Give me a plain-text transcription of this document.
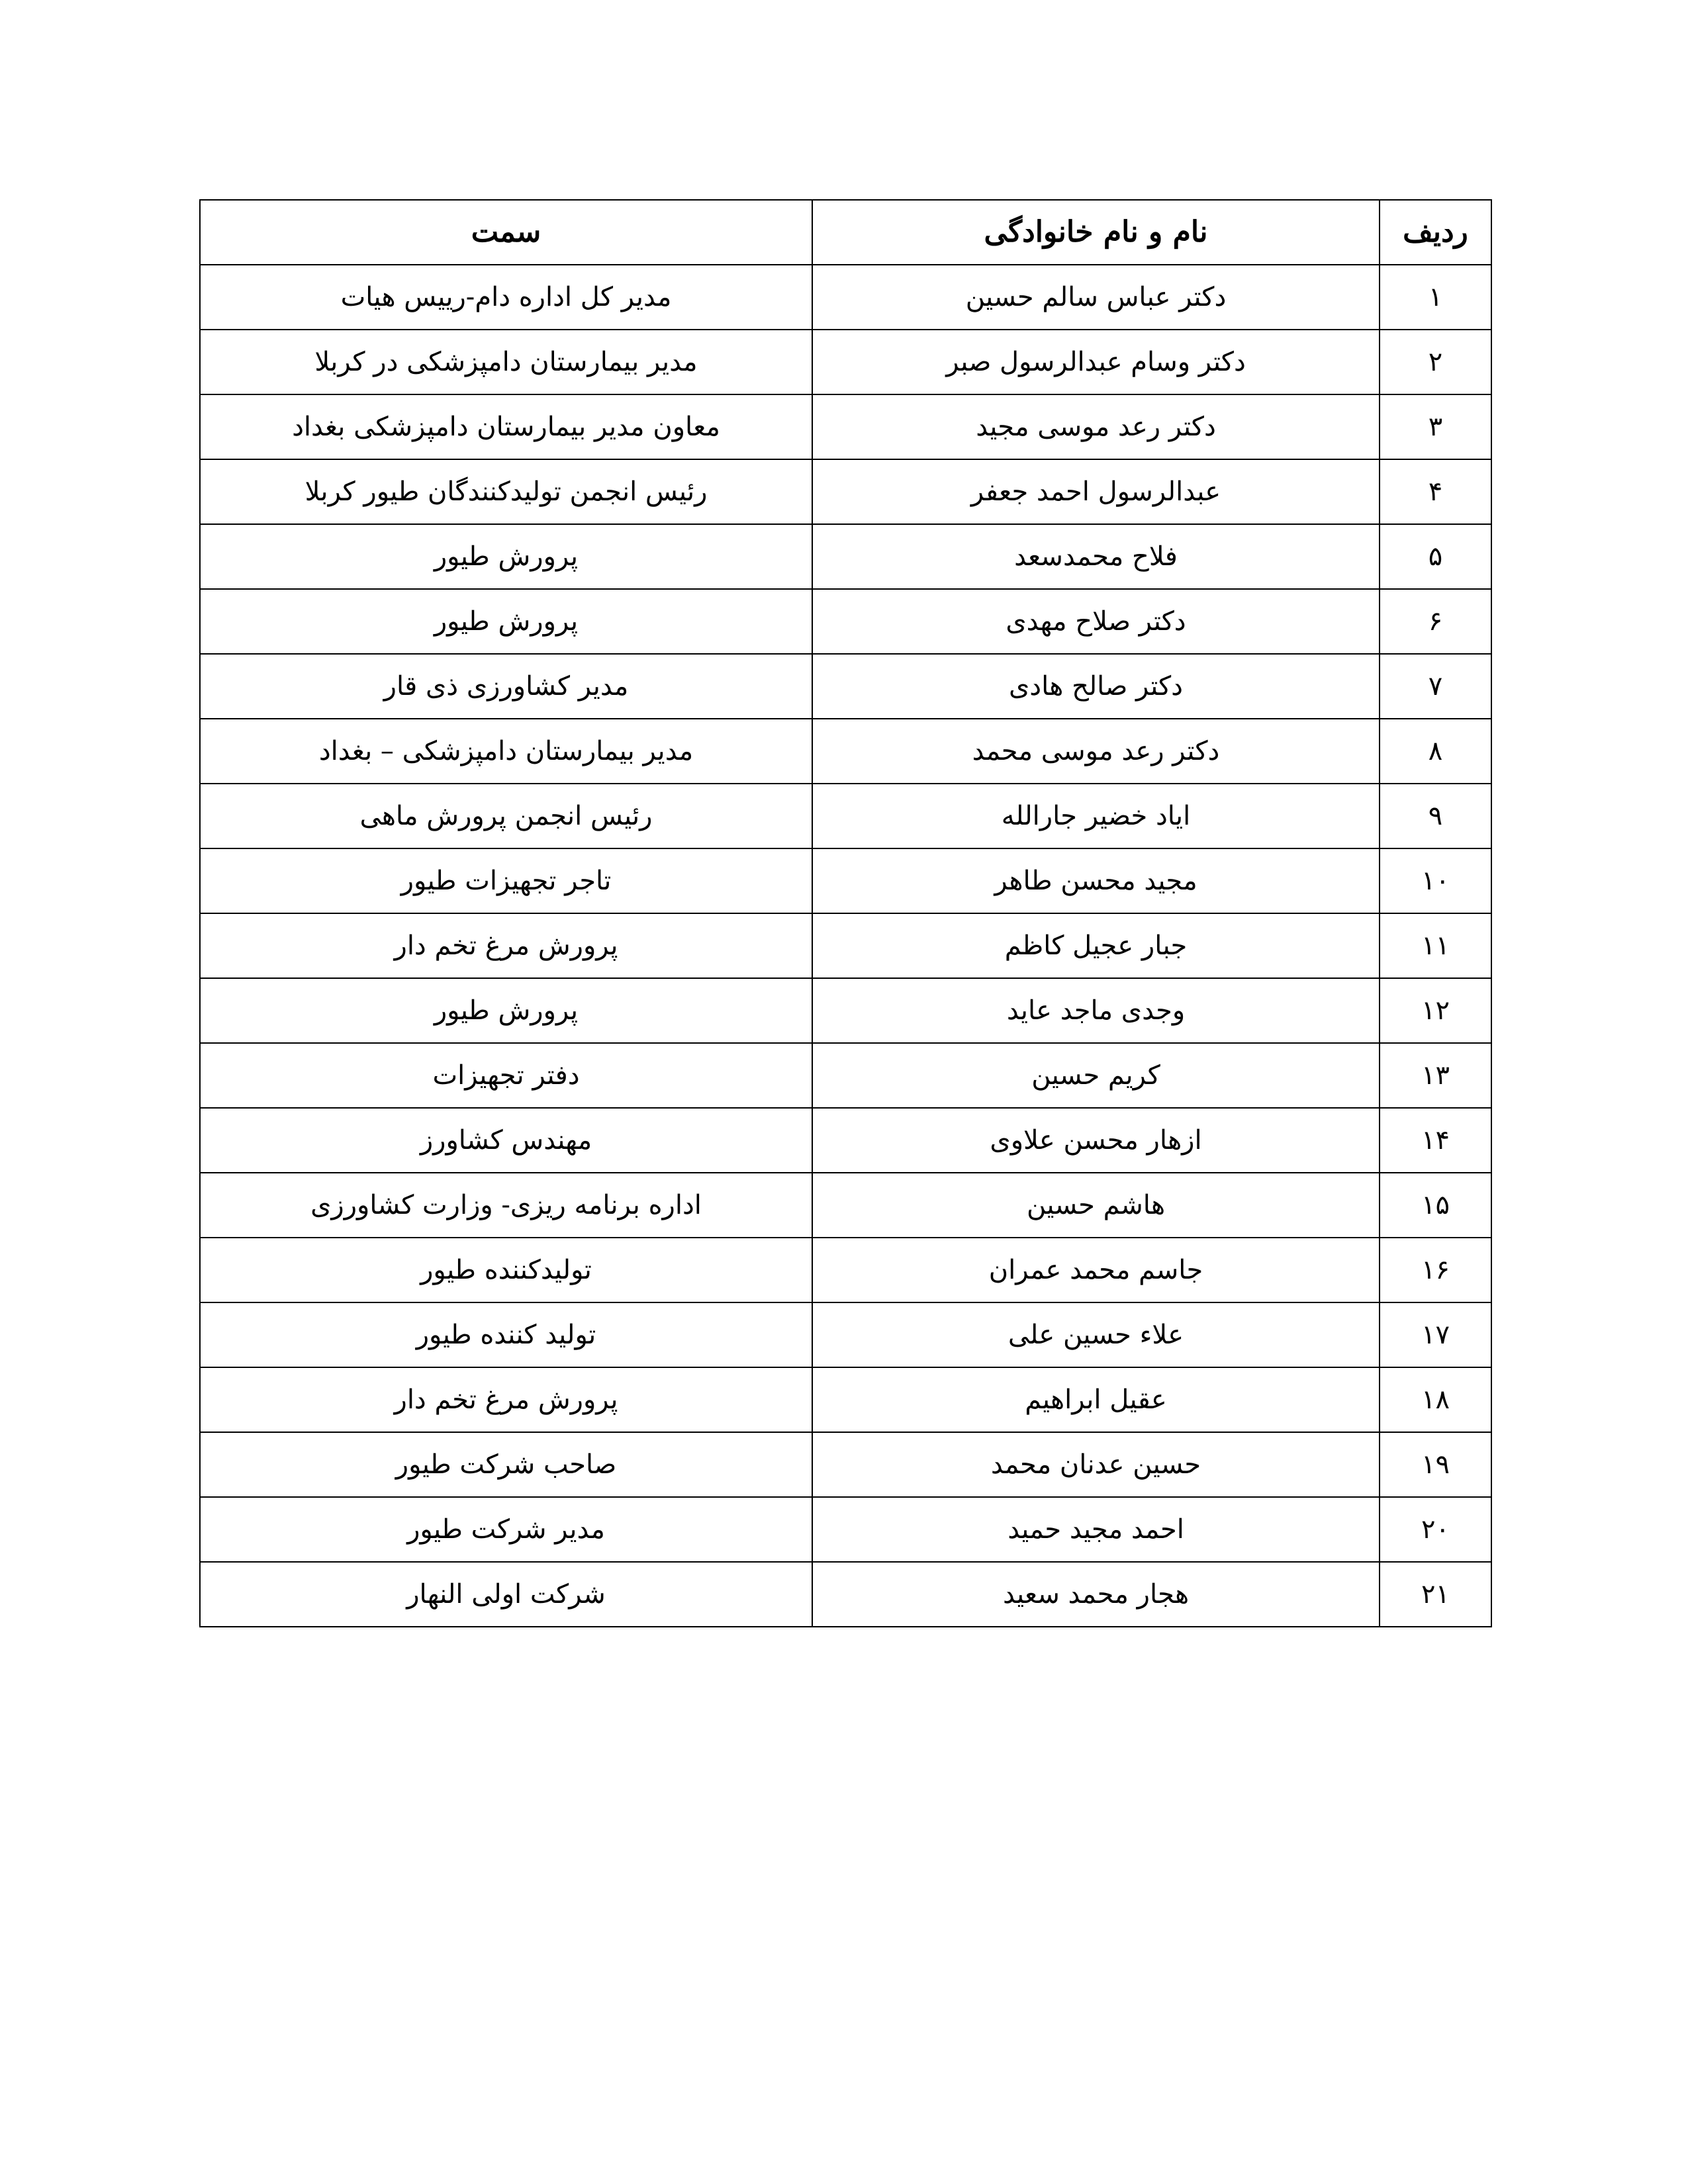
ردیف	نام و نام خانوادگی	سمت
۱	دکتر عباس سالم حسین	مدیر کل اداره دام-رییس هیات
۲	دکتر وسام عبدالرسول صبر	مدیر بیمارستان دامپزشکی در کربلا
۳	دکتر رعد موسی مجید	معاون مدیر بیمارستان دامپزشکی بغداد
۴	عبدالرسول احمد جعفر	رئیس انجمن تولیدکنندگان طیور کربلا
۵	فلاح محمدسعد	پرورش طیور
۶	دکتر صلاح مهدی	پرورش طیور
۷	دکتر صالح هادی	مدیر کشاورزی ذی قار
۸	دکتر رعد موسی محمد	مدیر بیمارستان دامپزشکی – بغداد
۹	ایاد خضیر جارالله	رئیس انجمن پرورش ماهی
۱۰	مجید محسن طاهر	تاجر تجهیزات طیور
۱۱	جبار عجیل کاظم	پرورش مرغ تخم دار
۱۲	وجدی ماجد عاید	پرورش طیور
۱۳	کریم حسین	دفتر تجهیزات
۱۴	ازهار محسن علاوی	مهندس کشاورز
۱۵	هاشم حسین	اداره برنامه ریزی- وزارت کشاورزی
۱۶	جاسم محمد عمران	تولیدکننده طیور
۱۷	علاء حسین علی	تولید کننده طیور
۱۸	عقیل ابراهیم	پرورش مرغ تخم دار
۱۹	حسین عدنان محمد	صاحب شرکت طیور
۲۰	احمد مجید حمید	مدیر شرکت طیور
۲۱	هجار محمد سعید	شرکت اولی النهار
